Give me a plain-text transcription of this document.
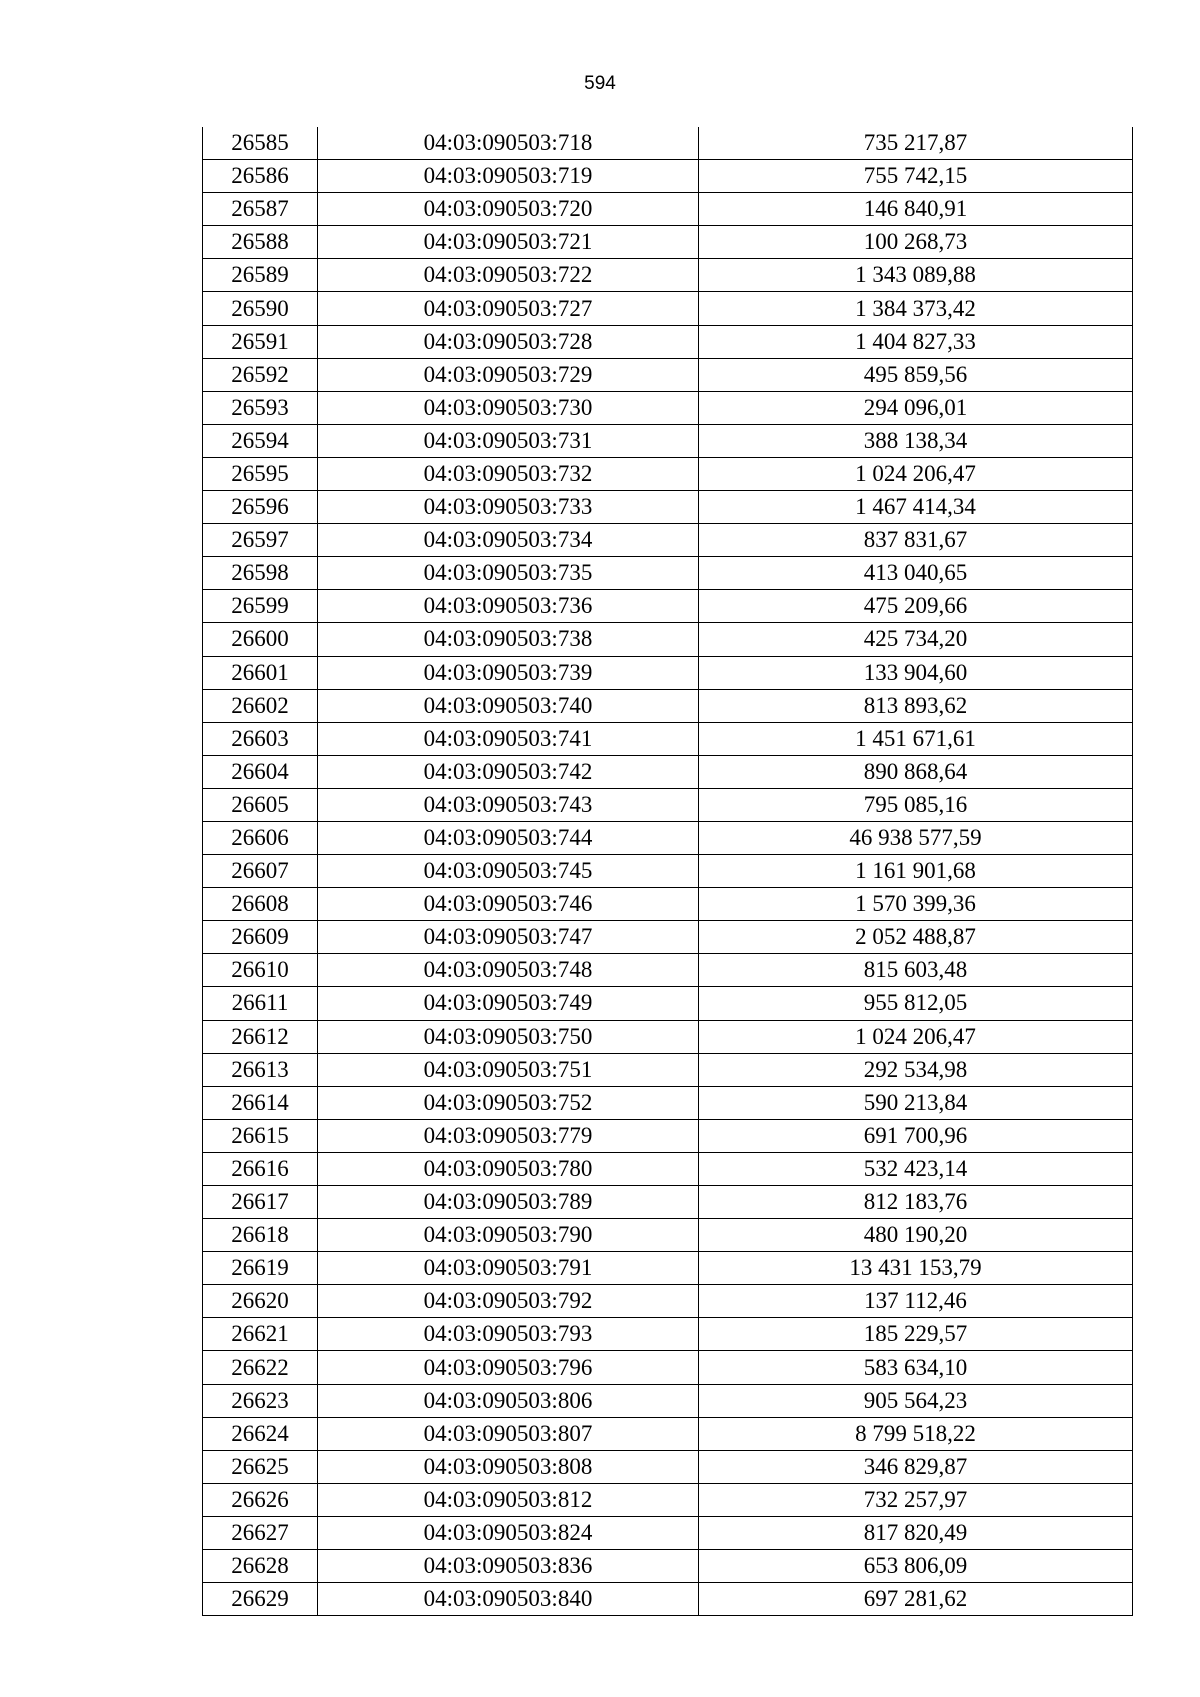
594
26585	04:03:090503:718	735 217,87
26586	04:03:090503:719	755 742,15
26587	04:03:090503:720	146 840,91
26588	04:03:090503:721	100 268,73
26589	04:03:090503:722	1 343 089,88
26590	04:03:090503:727	1 384 373,42
26591	04:03:090503:728	1 404 827,33
26592	04:03:090503:729	495 859,56
26593	04:03:090503:730	294 096,01
26594	04:03:090503:731	388 138,34
26595	04:03:090503:732	1 024 206,47
26596	04:03:090503:733	1 467 414,34
26597	04:03:090503:734	837 831,67
26598	04:03:090503:735	413 040,65
26599	04:03:090503:736	475 209,66
26600	04:03:090503:738	425 734,20
26601	04:03:090503:739	133 904,60
26602	04:03:090503:740	813 893,62
26603	04:03:090503:741	1 451 671,61
26604	04:03:090503:742	890 868,64
26605	04:03:090503:743	795 085,16
26606	04:03:090503:744	46 938 577,59
26607	04:03:090503:745	1 161 901,68
26608	04:03:090503:746	1 570 399,36
26609	04:03:090503:747	2 052 488,87
26610	04:03:090503:748	815 603,48
26611	04:03:090503:749	955 812,05
26612	04:03:090503:750	1 024 206,47
26613	04:03:090503:751	292 534,98
26614	04:03:090503:752	590 213,84
26615	04:03:090503:779	691 700,96
26616	04:03:090503:780	532 423,14
26617	04:03:090503:789	812 183,76
26618	04:03:090503:790	480 190,20
26619	04:03:090503:791	13 431 153,79
26620	04:03:090503:792	137 112,46
26621	04:03:090503:793	185 229,57
26622	04:03:090503:796	583 634,10
26623	04:03:090503:806	905 564,23
26624	04:03:090503:807	8 799 518,22
26625	04:03:090503:808	346 829,87
26626	04:03:090503:812	732 257,97
26627	04:03:090503:824	817 820,49
26628	04:03:090503:836	653 806,09
26629	04:03:090503:840	697 281,62
